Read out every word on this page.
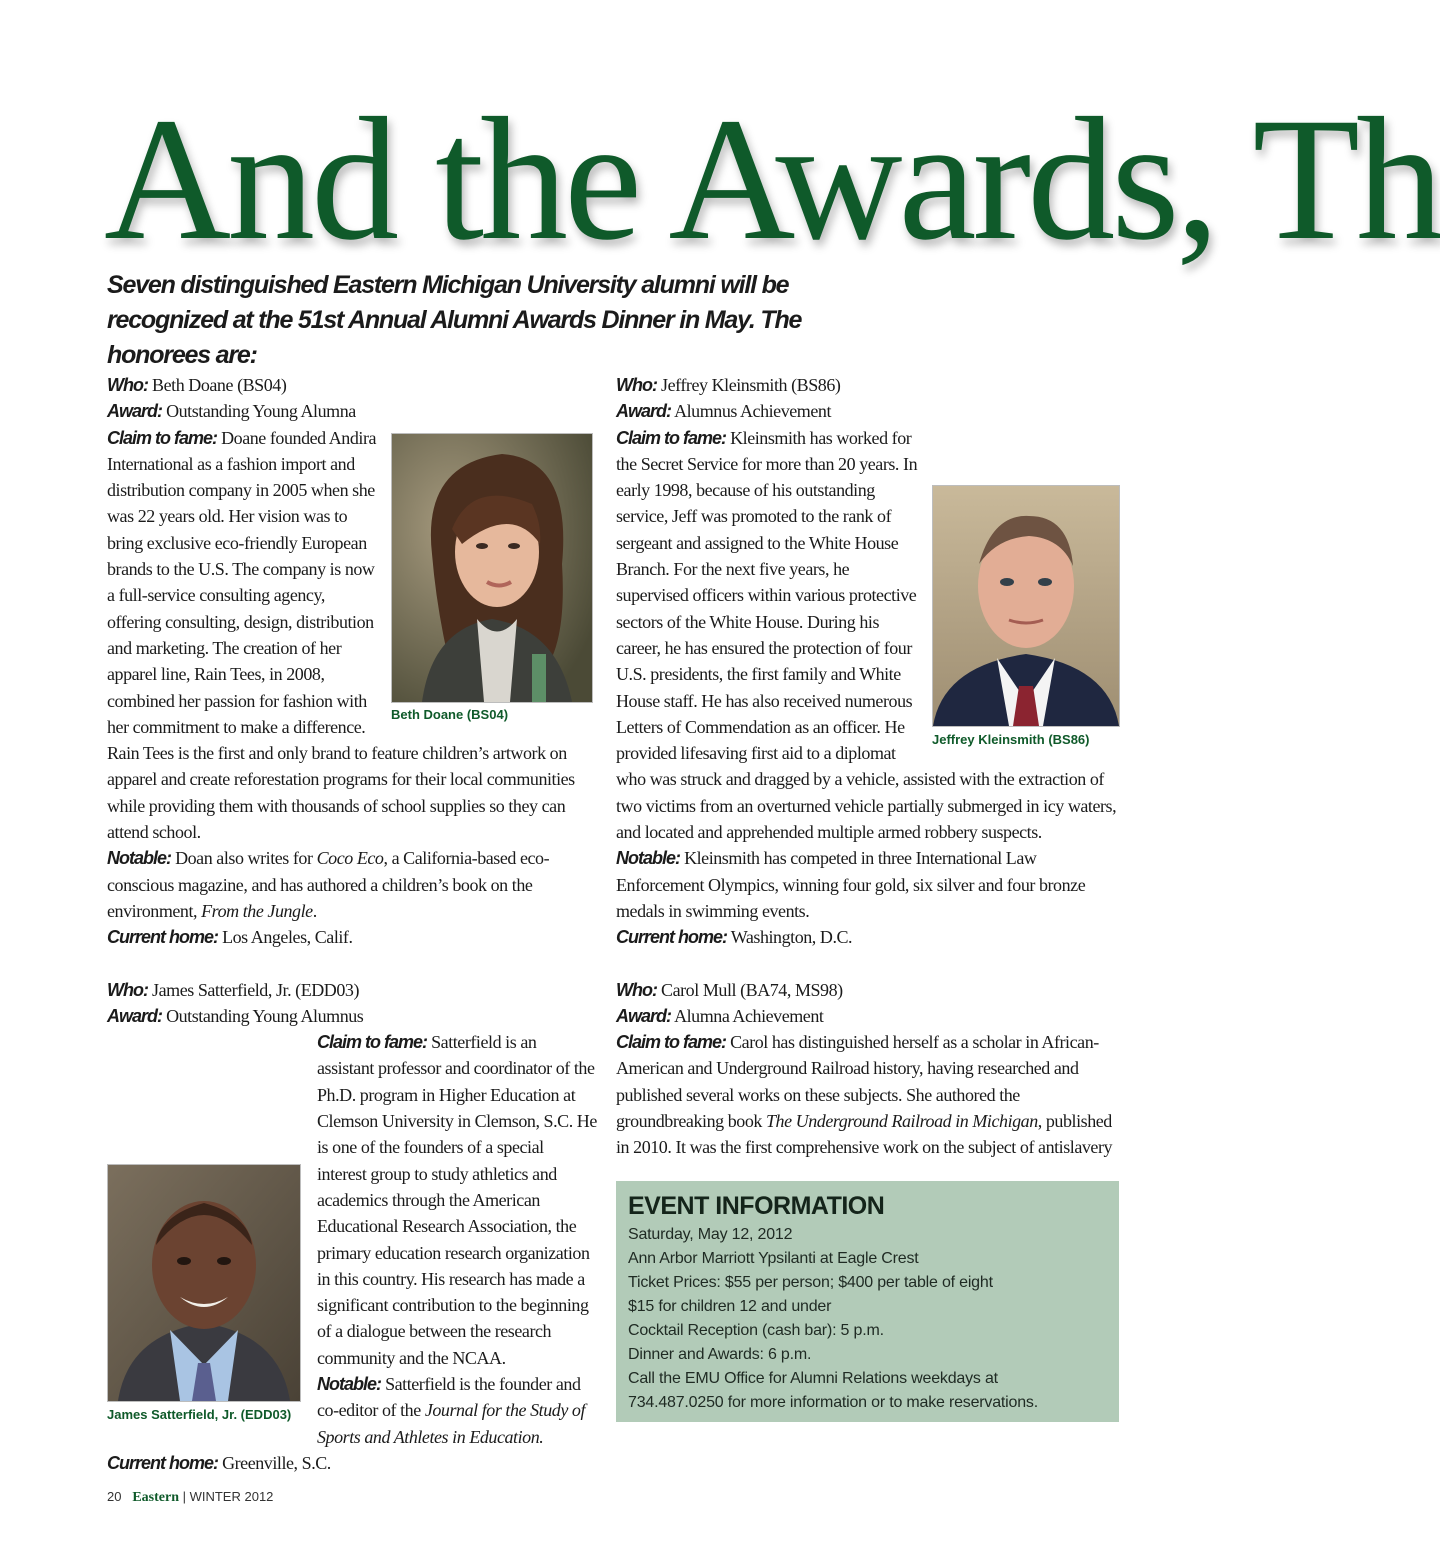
And the Awards, Th

Seven distinguished Eastern Michigan University alumni will be recognized at the 51st Annual Alumni Awards Dinner in May. The honorees are:

Who: Beth Doane (BS04)

Award: Outstanding Young Alumna

Beth Doane (BS04)

Claim to fame: Doane founded Andira International as a fashion import and distribution company in 2005 when she was 22 years old. Her vision was to bring exclusive eco-friendly European brands to the U.S. The company is now a full-service consulting agency, offering consulting, design, distribution and marketing. The creation of her apparel line, Rain Tees, in 2008, combined her passion for fashion with her commitment to make a difference. Rain Tees is the first and only brand to feature children’s artwork on apparel and create reforestation programs for their local communities while providing them with thousands of school supplies so they can attend school.

Notable: Doan also writes for Coco Eco, a California-based eco-conscious magazine, and has authored a children’s book on the environment, From the Jungle.

Current home: Los Angeles, Calif.

Who: James Satterfield, Jr. (EDD03)

Award: Outstanding Young Alumnus

James Satterfield, Jr. (EDD03)

Claim to fame: Satterfield is an assistant professor and coordinator of the Ph.D. program in Higher Education at Clemson University in Clemson, S.C. He is one of the founders of a special interest group to study athletics and academics through the American Educational Research Association, the primary education research organization in this country. His research has made a significant contribution to the beginning of a dialogue between the research community and the NCAA.

Notable: Satterfield is the founder and co-editor of the Journal for the Study of Sports and Athletes in Education.

Current home: Greenville, S.C.

Who: Jeffrey Kleinsmith (BS86)

Award: Alumnus Achievement

Jeffrey Kleinsmith (BS86)

Claim to fame: Kleinsmith has worked for the Secret Service for more than 20 years. In early 1998, because of his outstanding service, Jeff was promoted to the rank of sergeant and assigned to the White House Branch. For the next five years, he supervised officers within various protective sectors of the White House. During his career, he has ensured the protection of four U.S. presidents, the first family and White House staff. He has also received numerous Letters of Commendation as an officer. He provided lifesaving first aid to a diplomat who was struck and dragged by a vehicle, assisted with the extraction of two victims from an overturned vehicle partially submerged in icy waters, and located and apprehended multiple armed robbery suspects.

Notable: Kleinsmith has competed in three International Law Enforcement Olympics, winning four gold, six silver and four bronze medals in swimming events.

Current home: Washington, D.C.

Who: Carol Mull (BA74, MS98)

Award: Alumna Achievement

Claim to fame: Carol has distinguished herself as a scholar in African-American and Underground Railroad history, having researched and published several works on these subjects. She authored the groundbreaking book The Underground Railroad in Michigan, published in 2010. It was the first comprehensive work on the subject of antislavery

EVENT INFORMATION
Saturday, May 12, 2012
Ann Arbor Marriott Ypsilanti at Eagle Crest
Ticket Prices: $55 per person; $400 per table of eight
$15 for children 12 and under
Cocktail Reception (cash bar): 5 p.m.
Dinner and Awards: 6 p.m.
Call the EMU Office for Alumni Relations weekdays at
734.487.0250 for more information or to make reservations.
20 Eastern | WINTER 2012
